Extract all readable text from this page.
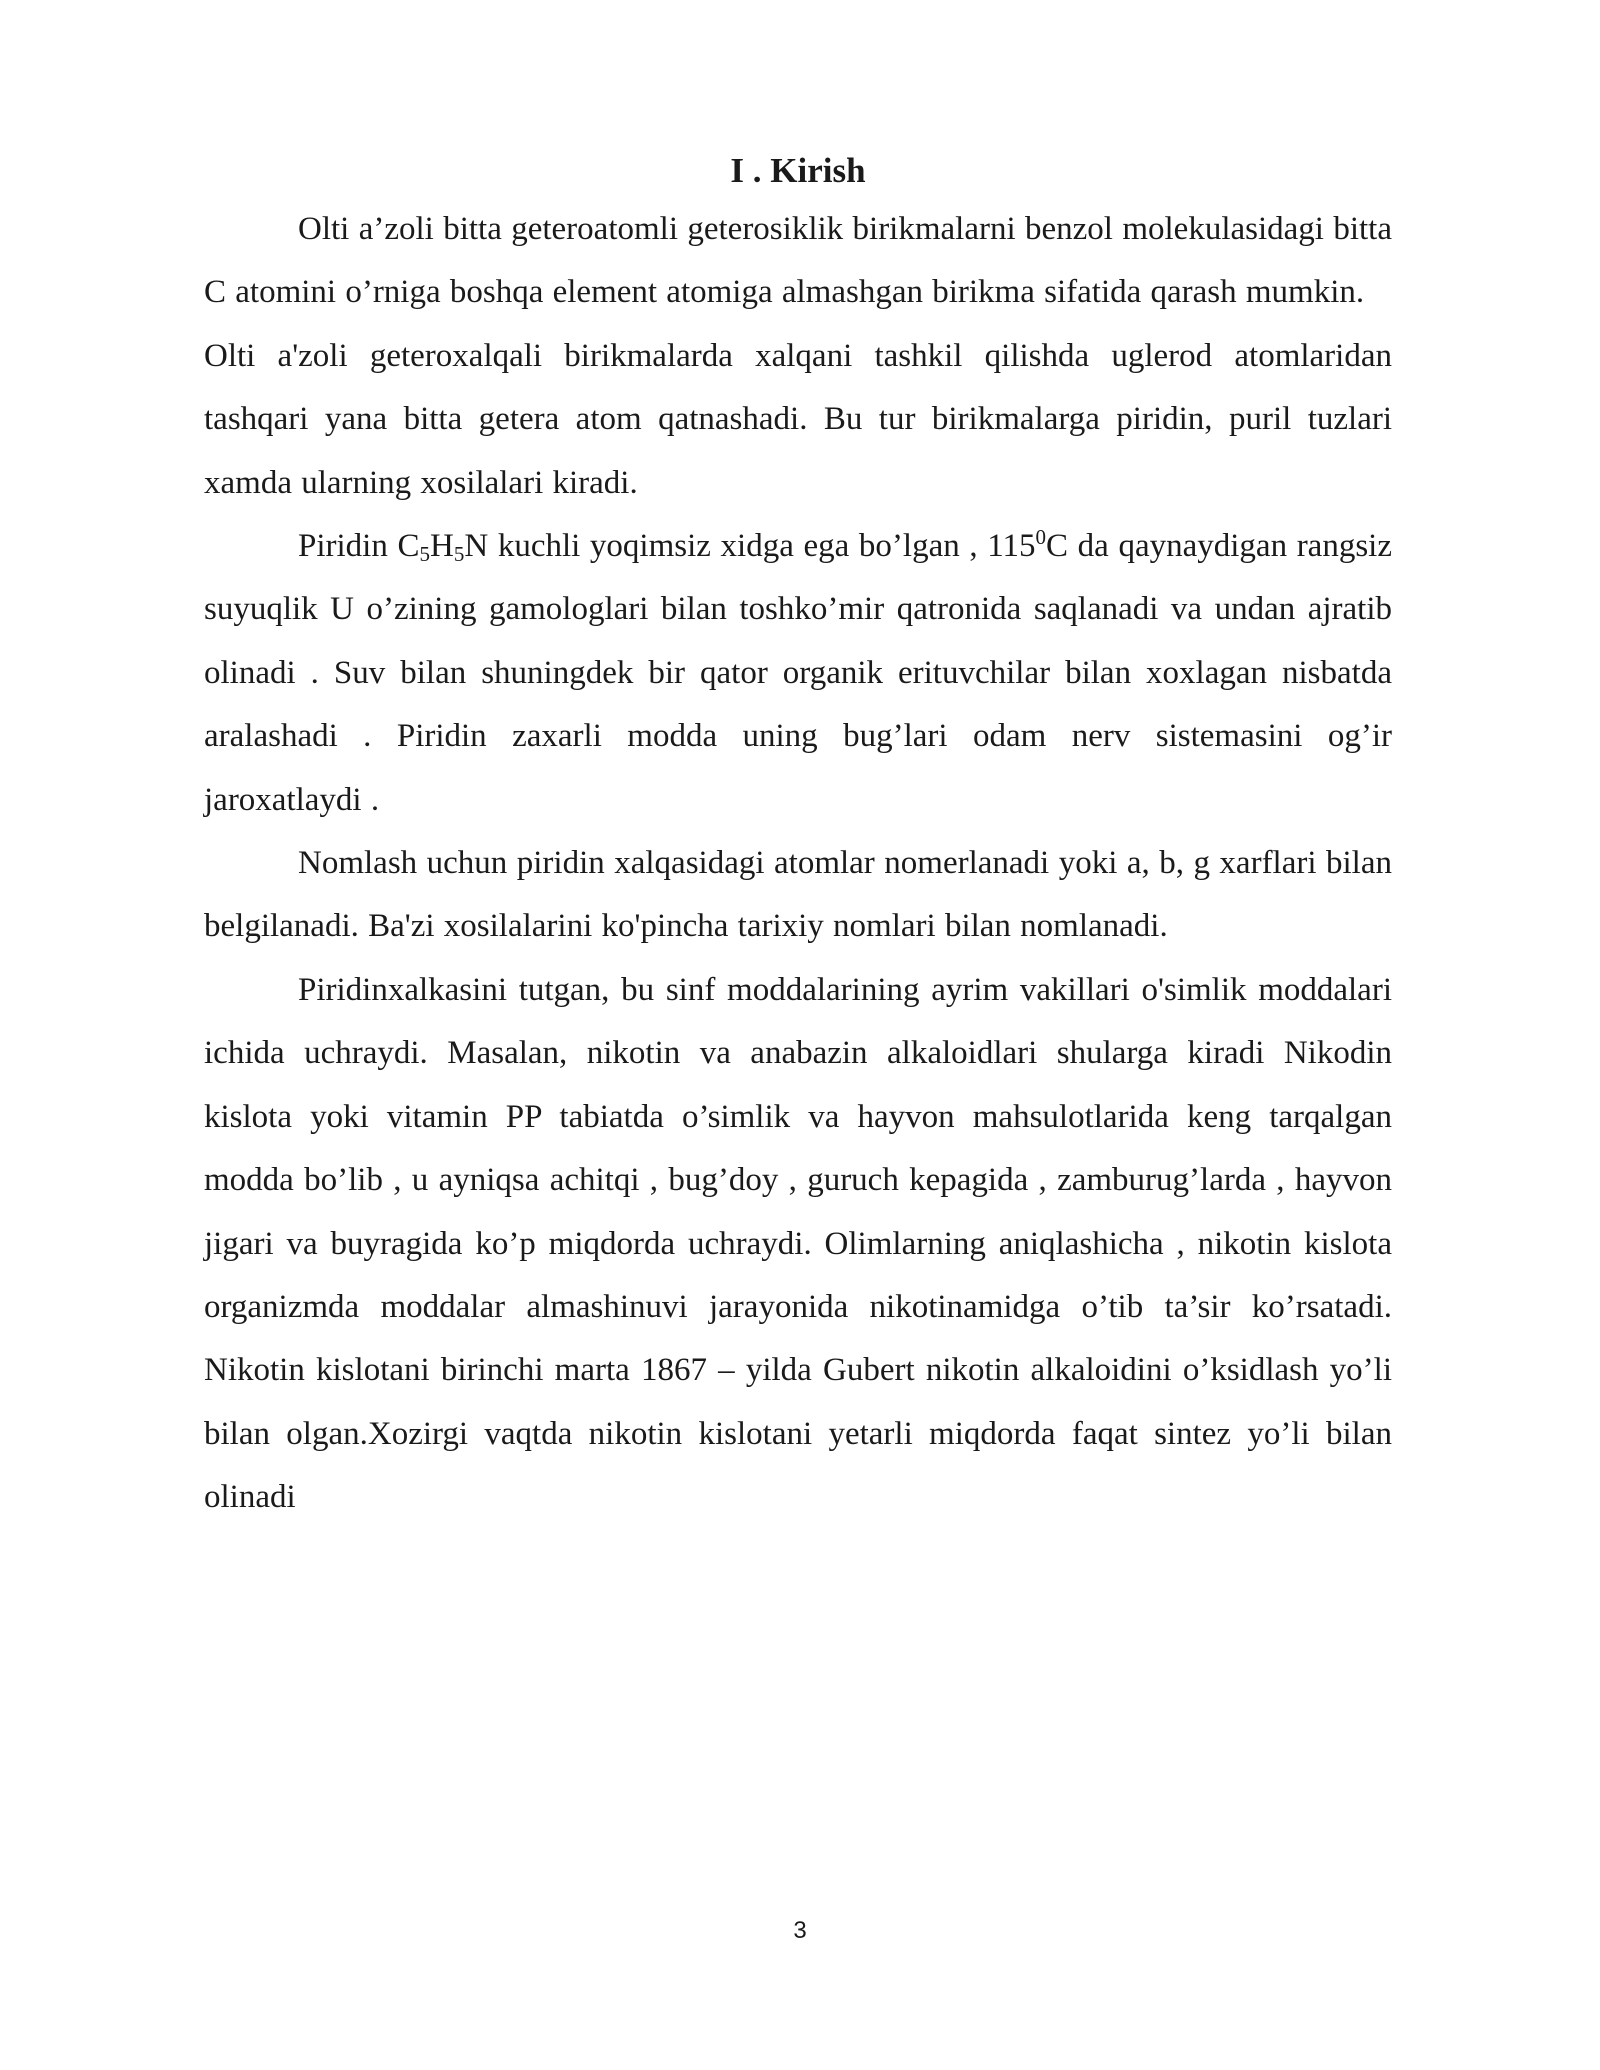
I . Kirish

Olti a’zoli bitta geteroatomli geterosiklik birikmalarni benzol molekulasidagi bitta C atomini o’rniga boshqa element atomiga almashgan birikma sifatida qarash mumkin.

Olti a'zoli geteroxalqali birikmalarda xalqani tashkil qilishda uglerod atomlaridan tashqari yana bitta getera atom qatnashadi. Bu tur birikmalarga piridin, puril tuzlari xamda ularning xosilalari kiradi.

Piridin $C_5H_5N$ kuchli yoqimsiz xidga ega bo’lgan , $115^0C$ da qaynaydigan rangsiz suyuqlik U o’zining gamologlari bilan toshko’mir qatronida saqlanadi va undan ajratib olinadi . Suv bilan shuningdek bir qator organik erituvchilar bilan xoxlagan nisbatda aralashadi . Piridin zaxarli modda uning bug’lari odam nerv sistemasini og’ir jaroxatlaydi .

Nomlash uchun piridin xalqasidagi atomlar nomerlanadi yoki a, b, g xarflari bilan belgilanadi. Ba'zi xosilalarini ko'pincha tarixiy nomlari bilan nomlanadi.

Piridinxalkasini tutgan, bu sinf moddalarining ayrim vakillari o'simlik moddalari ichida uchraydi. Masalan, nikotin va anabazin alkaloidlari shularga kiradi Nikodin kislota yoki vitamin PP tabiatda o’simlik va hayvon mahsulotlarida keng tarqalgan modda bo’lib , u ayniqsa achitqi , bug’doy , guruch kepagida , zamburug’larda , hayvon jigari va buyragida ko’p miqdorda uchraydi. Olimlarning aniqlashicha , nikotin kislota organizmda moddalar almashinuvi jarayonida nikotinamidga o’tib ta’sir ko’rsatadi. Nikotin kislotani birinchi marta 1867 – yilda Gubert nikotin alkaloidini o’ksidlash yo’li bilan olgan.Xozirgi vaqtda nikotin kislotani yetarli miqdorda faqat sintez yo’li bilan olinadi

3
